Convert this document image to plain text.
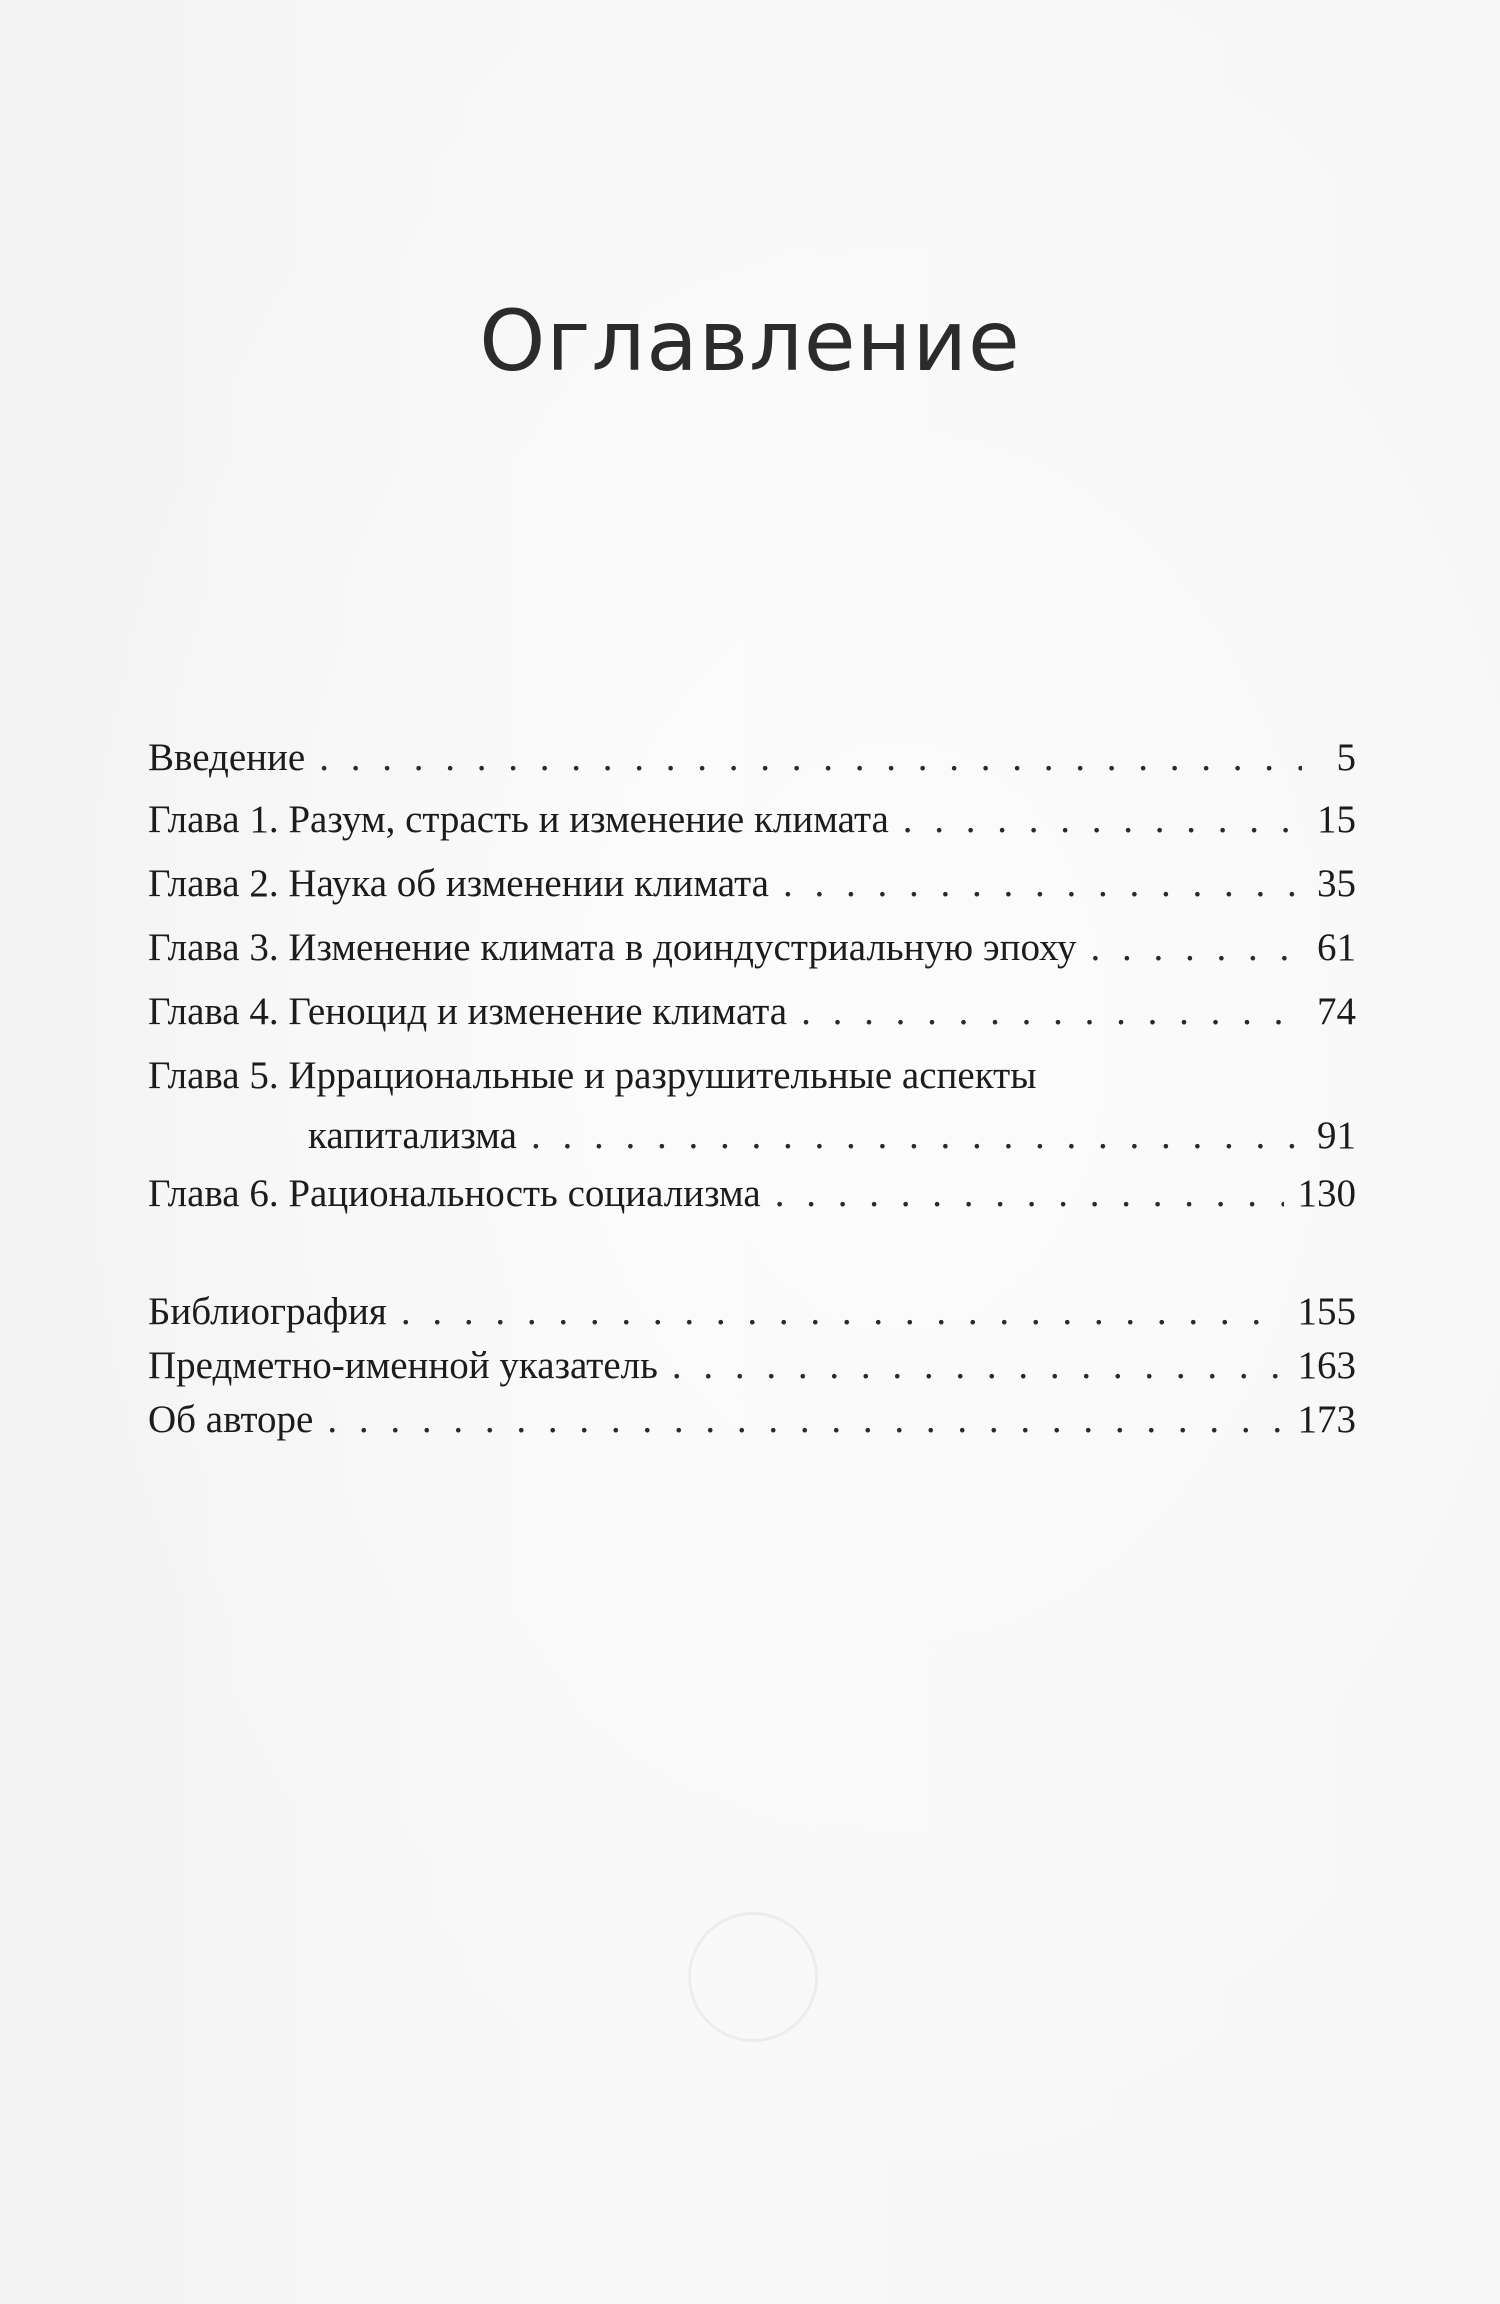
Оглавление
Введение . . .	5
Глава 1. Разум, страсть и изменение климата . . .	15
Глава 2. Наука об изменении климата . . .	35
Глава 3. Изменение климата в доиндустриальную эпоху . . .	61
Глава 4. Геноцид и изменение климата . . .	74
Глава 5. Иррациональные и разрушительные аспекты
капитализма . . .	91
Глава 6. Рациональность социализма . . .	130
Библиография . . .	155
Предметно-именной указатель . . .	163
Об авторе . . .	173
